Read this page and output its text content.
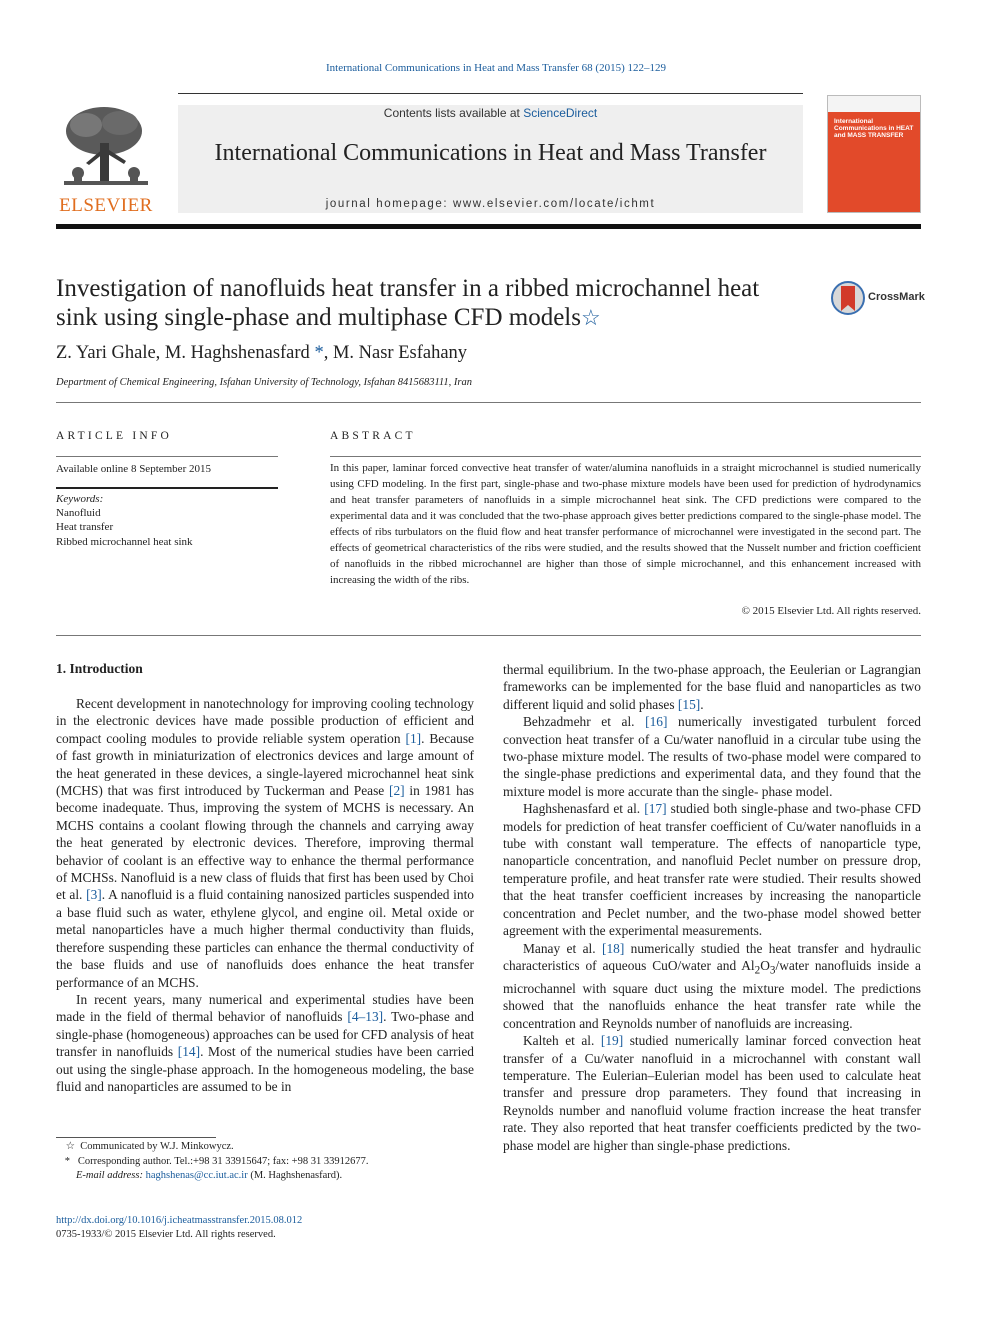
International Communications in Heat and Mass Transfer 68 (2015) 122–129
ELSEVIER
Contents lists available at ScienceDirect
International Communications in Heat and Mass Transfer
journal homepage: www.elsevier.com/locate/ichmt
International Communications in HEAT and MASS TRANSFER
Investigation of nanofluids heat transfer in a ribbed microchannel heat sink using single-phase and multiphase CFD models☆
CrossMark
Z. Yari Ghale, M. Haghshenasfard *, M. Nasr Esfahany
Department of Chemical Engineering, Isfahan University of Technology, Isfahan 8415683111, Iran
ARTICLE INFO
Available online 8 September 2015
Keywords:
Nanofluid
Heat transfer
Ribbed microchannel heat sink
ABSTRACT
In this paper, laminar forced convective heat transfer of water/alumina nanofluids in a straight microchannel is studied numerically using CFD modeling. In the first part, single-phase and two-phase mixture models have been used for prediction of hydrodynamics and heat transfer parameters of nanofluids in a simple microchannel heat sink. The CFD predictions were compared to the experimental data and it was concluded that the two-phase approach gives better predictions compared to the single-phase model. The effects of ribs turbulators on the fluid flow and heat transfer performance of microchannel were investigated in the second part. The effects of geometrical characteristics of the ribs were studied, and the results showed that the Nusselt number and friction coefficient of nanofluids in the ribbed microchannel are higher than those of simple microchannel, and this enhancement increased with increasing the width of the ribs.
© 2015 Elsevier Ltd. All rights reserved.
1. Introduction

Recent development in nanotechnology for improving cooling technology in the electronic devices have made possible production of efficient and compact cooling modules to provide reliable system operation [1]. Because of fast growth in miniaturization of electronics devices and large amount of the heat generated in these devices, a single-layered microchannel heat sink (MCHS) that was first introduced by Tuckerman and Pease [2] in 1981 has become inadequate. Thus, improving the system of MCHS is necessary. An MCHS contains a coolant flowing through the channels and carrying away the heat generated by electronic devices. Therefore, improving thermal behavior of coolant is an effective way to enhance the thermal performance of MCHSs. Nanofluid is a new class of fluids that first has been used by Choi et al. [3]. A nanofluid is a fluid containing nanosized particles suspended into a base fluid such as water, ethylene glycol, and engine oil. Metal oxide or metal nanoparticles have a much higher thermal conductivity than fluids, therefore suspending these particles can enhance the thermal conductivity of the base fluids and use of nanofluids does enhance the heat transfer performance of an MCHS.

In recent years, many numerical and experimental studies have been made in the field of thermal behavior of nanofluids [4–13]. Two-phase and single-phase (homogeneous) approaches can be used for CFD analysis of heat transfer in nanofluids [14]. Most of the numerical studies have been carried out using the single-phase approach. In the homogeneous modeling, the base fluid and nanoparticles are assumed to be in

thermal equilibrium. In the two-phase approach, the Eeulerian or Lagrangian frameworks can be implemented for the base fluid and nanoparticles as two different liquid and solid phases [15].

Behzadmehr et al. [16] numerically investigated turbulent forced convection heat transfer of a Cu/water nanofluid in a circular tube using the two-phase mixture model. The results of two-phase model were compared to the single-phase predictions and experimental data, and they found that the mixture model is more accurate than the single- phase model.

Haghshenasfard et al. [17] studied both single-phase and two-phase CFD models for prediction of heat transfer coefficient of Cu/water nanofluids in a tube with constant wall temperature. The effects of nanoparticle type, nanoparticle concentration, and nanofluid Peclet number on pressure drop, temperature profile, and heat transfer rate were studied. Their results showed that the heat transfer coefficient increases by increasing the nanoparticle concentration and Peclet number, and the two-phase model showed better agreement with the experimental measurements.

Manay et al. [18] numerically studied the heat transfer and hydraulic characteristics of aqueous CuO/water and $Al_2O_3$/water nanofluids inside a microchannel with square duct using the mixture model. The predictions showed that the nanofluids enhance the heat transfer rate while the concentration and Reynolds number of nanofluids are increasing.

Kalteh et al. [19] studied numerically laminar forced convection heat transfer of a Cu/water nanofluid in a microchannel with constant wall temperature. The Eulerian–Eulerian model has been used to calculate heat transfer and pressure drop parameters. They found that increasing in Reynolds number and nanofluid volume fraction increase the heat transfer rate. They also reported that heat transfer coefficients predicted by the two-phase model are higher than single-phase predictions.

☆ Communicated by W.J. Minkowycz.
* Corresponding author. Tel.:+98 31 33915647; fax: +98 31 33912677.
E-mail address: haghshenas@cc.iut.ac.ir (M. Haghshenasfard).
http://dx.doi.org/10.1016/j.icheatmasstransfer.2015.08.012
0735-1933/© 2015 Elsevier Ltd. All rights reserved.
